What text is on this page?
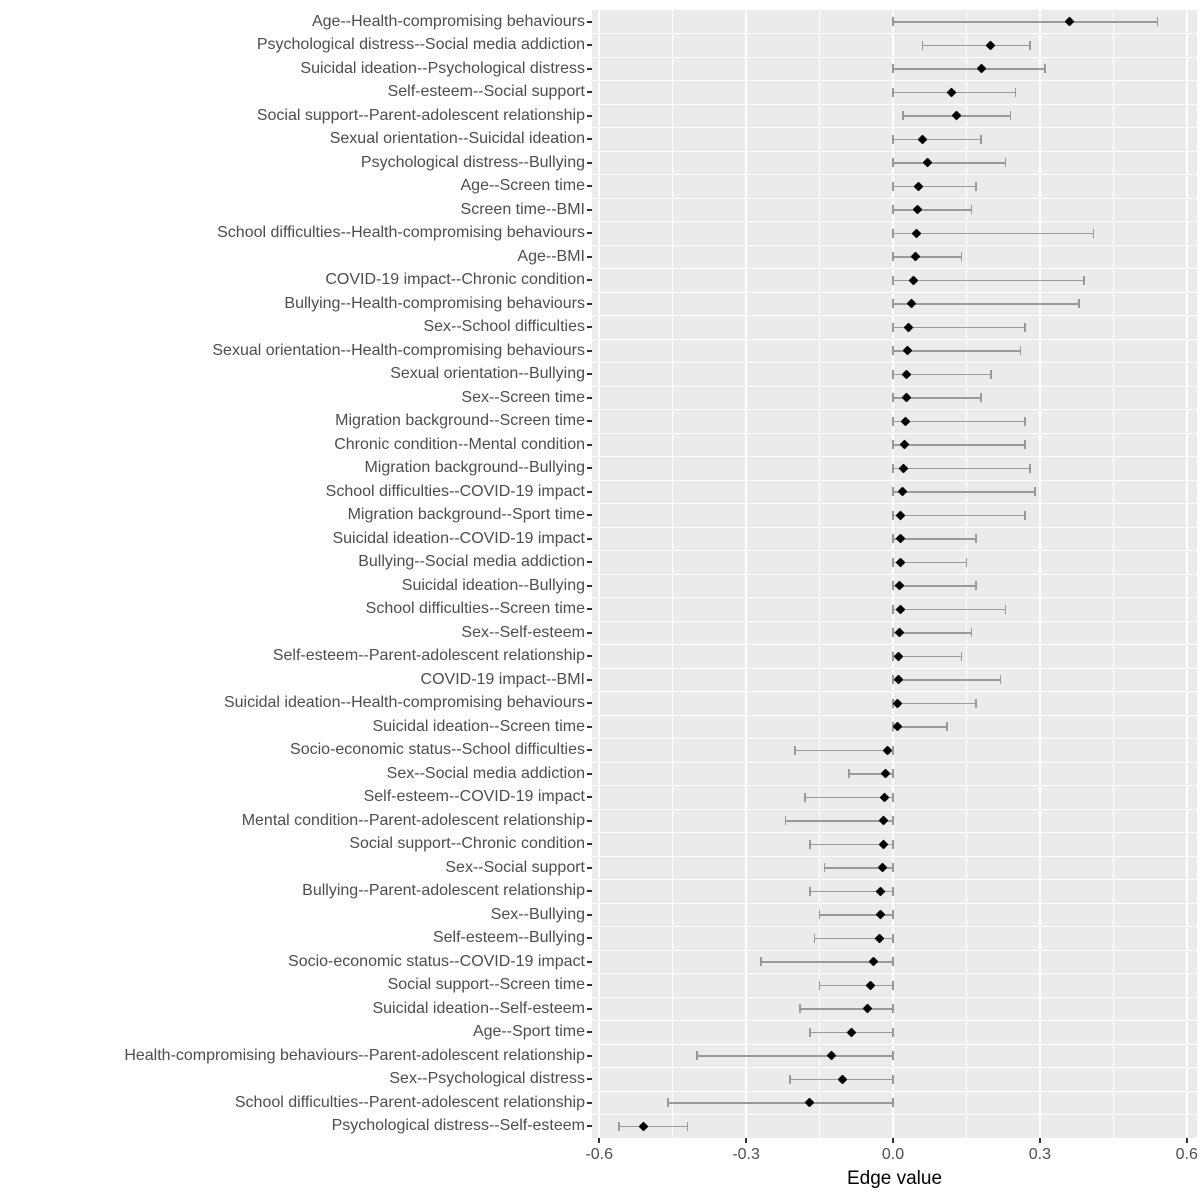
Age--Health-compromising behaviours
Psychological distress--Social media addiction
Suicidal ideation--Psychological distress
Self-esteem--Social support
Social support--Parent-adolescent relationship
Sexual orientation--Suicidal ideation
Psychological distress--Bullying
Age--Screen time
Screen time--BMI
School difficulties--Health-compromising behaviours
Age--BMI
COVID-19 impact--Chronic condition
Bullying--Health-compromising behaviours
Sex--School difficulties
Sexual orientation--Health-compromising behaviours
Sexual orientation--Bullying
Sex--Screen time
Migration background--Screen time
Chronic condition--Mental condition
Migration background--Bullying
School difficulties--COVID-19 impact
Migration background--Sport time
Suicidal ideation--COVID-19 impact
Bullying--Social media addiction
Suicidal ideation--Bullying
School difficulties--Screen time
Sex--Self-esteem
Self-esteem--Parent-adolescent relationship
COVID-19 impact--BMI
Suicidal ideation--Health-compromising behaviours
Suicidal ideation--Screen time
Socio-economic status--School difficulties
Sex--Social media addiction
Self-esteem--COVID-19 impact
Mental condition--Parent-adolescent relationship
Social support--Chronic condition
Sex--Social support
Bullying--Parent-adolescent relationship
Sex--Bullying
Self-esteem--Bullying
Socio-economic status--COVID-19 impact
Social support--Screen time
Suicidal ideation--Self-esteem
Age--Sport time
Health-compromising behaviours--Parent-adolescent relationship
Sex--Psychological distress
School difficulties--Parent-adolescent relationship
Psychological distress--Self-esteem
-0.6	-0.3	0.0	0.3	0.6
Edge value
